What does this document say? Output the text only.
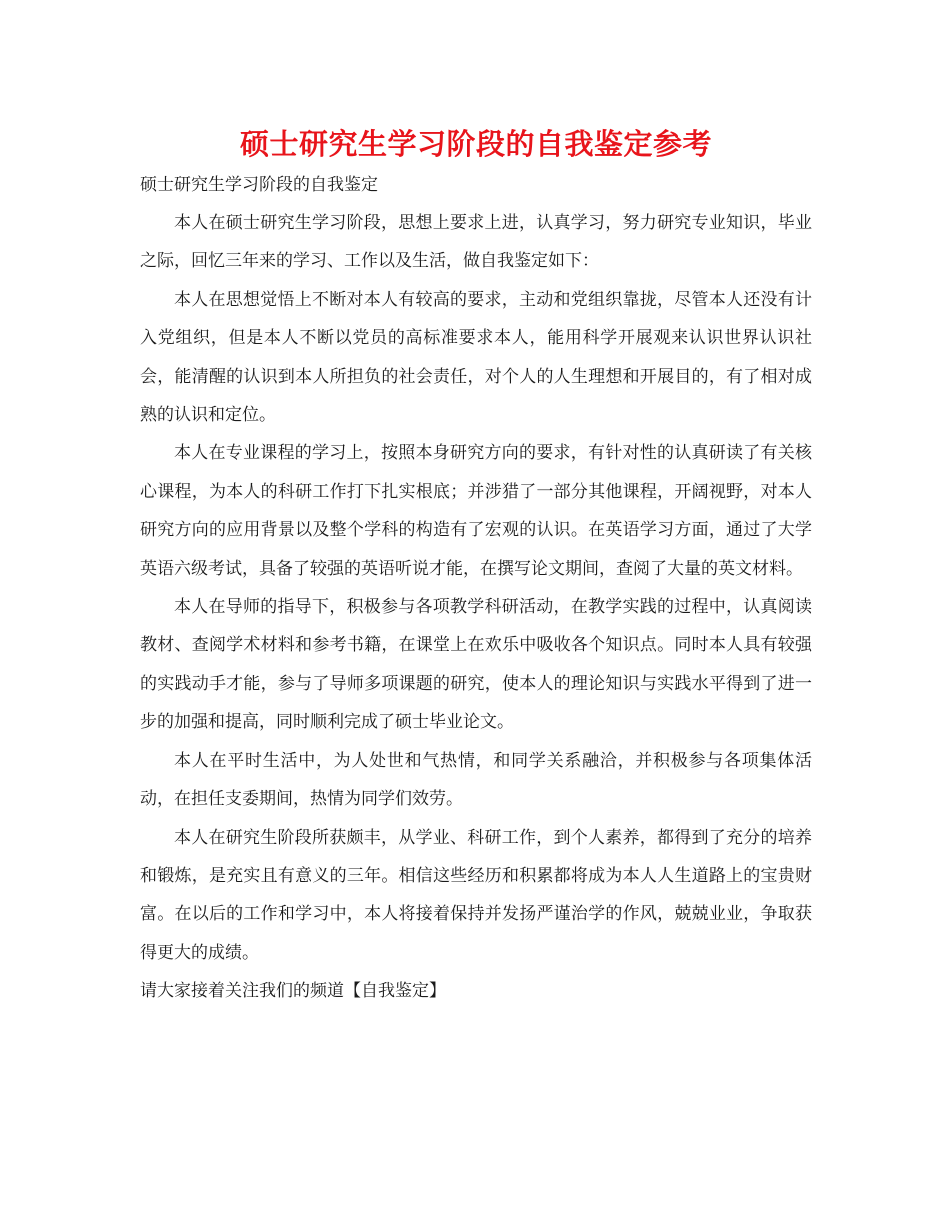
硕士研究生学习阶段的自我鉴定参考

硕士研究生学习阶段的自我鉴定

本人在硕士研究生学习阶段，思想上要求上进，认真学习，努力研究专业知识，毕业之际，回忆三年来的学习、工作以及生活，做自我鉴定如下：

本人在思想觉悟上不断对本人有较高的要求，主动和党组织靠拢，尽管本人还没有计入党组织，但是本人不断以党员的高标准要求本人，能用科学开展观来认识世界认识社会，能清醒的认识到本人所担负的社会责任，对个人的人生理想和开展目的，有了相对成熟的认识和定位。

本人在专业课程的学习上，按照本身研究方向的要求，有针对性的认真研读了有关核心课程，为本人的科研工作打下扎实根底；并涉猎了一部分其他课程，开阔视野，对本人研究方向的应用背景以及整个学科的构造有了宏观的认识。在英语学习方面，通过了大学英语六级考试，具备了较强的英语听说才能，在撰写论文期间，查阅了大量的英文材料。

本人在导师的指导下，积极参与各项教学科研活动，在教学实践的过程中，认真阅读教材、查阅学术材料和参考书籍，在课堂上在欢乐中吸收各个知识点。同时本人具有较强的实践动手才能，参与了导师多项课题的研究，使本人的理论知识与实践水平得到了进一步的加强和提高，同时顺利完成了硕士毕业论文。

本人在平时生活中，为人处世和气热情，和同学关系融洽，并积极参与各项集体活动，在担任支委期间，热情为同学们效劳。

本人在研究生阶段所获颇丰，从学业、科研工作，到个人素养，都得到了充分的培养和锻炼，是充实且有意义的三年。相信这些经历和积累都将成为本人人生道路上的宝贵财富。在以后的工作和学习中，本人将接着保持并发扬严谨治学的作风，兢兢业业，争取获得更大的成绩。

请大家接着关注我们的频道【自我鉴定】
